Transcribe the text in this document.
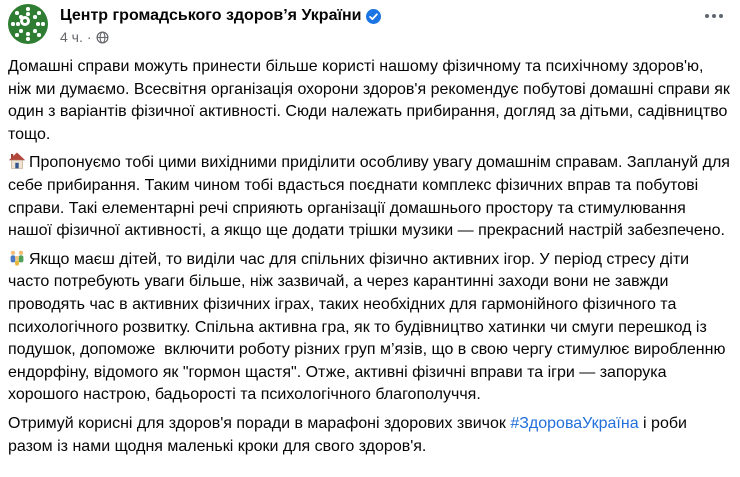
Центр громадського здоров’я України
4 ч. ·

Домашні справи можуть принести більше користі нашому фізичному та психічному здоров'ю, ніж ми думаємо. Всесвітня організація охорони здоров'я рекомендує побутові домашні справи як один з варіантів фізичної активності. Сюди належать прибирання, догляд за дітьми, садівництво тощо.

Пропонуємо тобі цими вихідними приділити особливу увагу домашнім справам. Заплануй для себе прибирання. Таким чином тобі вдасться поєднати комплекс фізичних вправ та побутові справи. Такі елементарні речі сприяють організації домашнього простору та стимулювання нашої фізичної активності, а якщо ще додати трішки музики — прекрасний настрій забезпечено.

Якщо маєш дітей, то виділи час для спільних фізично активних ігор. У період стресу діти часто потребують уваги більше, ніж зазвичай, а через карантинні заходи вони не завжди проводять час в активних фізичних іграх, таких необхідних для гармонійного фізичного та психологічного розвитку. Спільна активна гра, як то будівництво хатинки чи смуги перешкод із подушок, допоможе  включити роботу різних груп м’язів, що в свою чергу стимулює виробленню ендорфіну, відомого як "гормон щастя". Отже, активні фізичні вправи та ігри — запорука хорошого настрою, бадьорості та психологічного благополуччя.

Отримуй корисні для здоров'я поради в марафоні здорових звичок #ЗдороваУкраїна і роби разом із нами щодня маленькі кроки для свого здоров'я.
